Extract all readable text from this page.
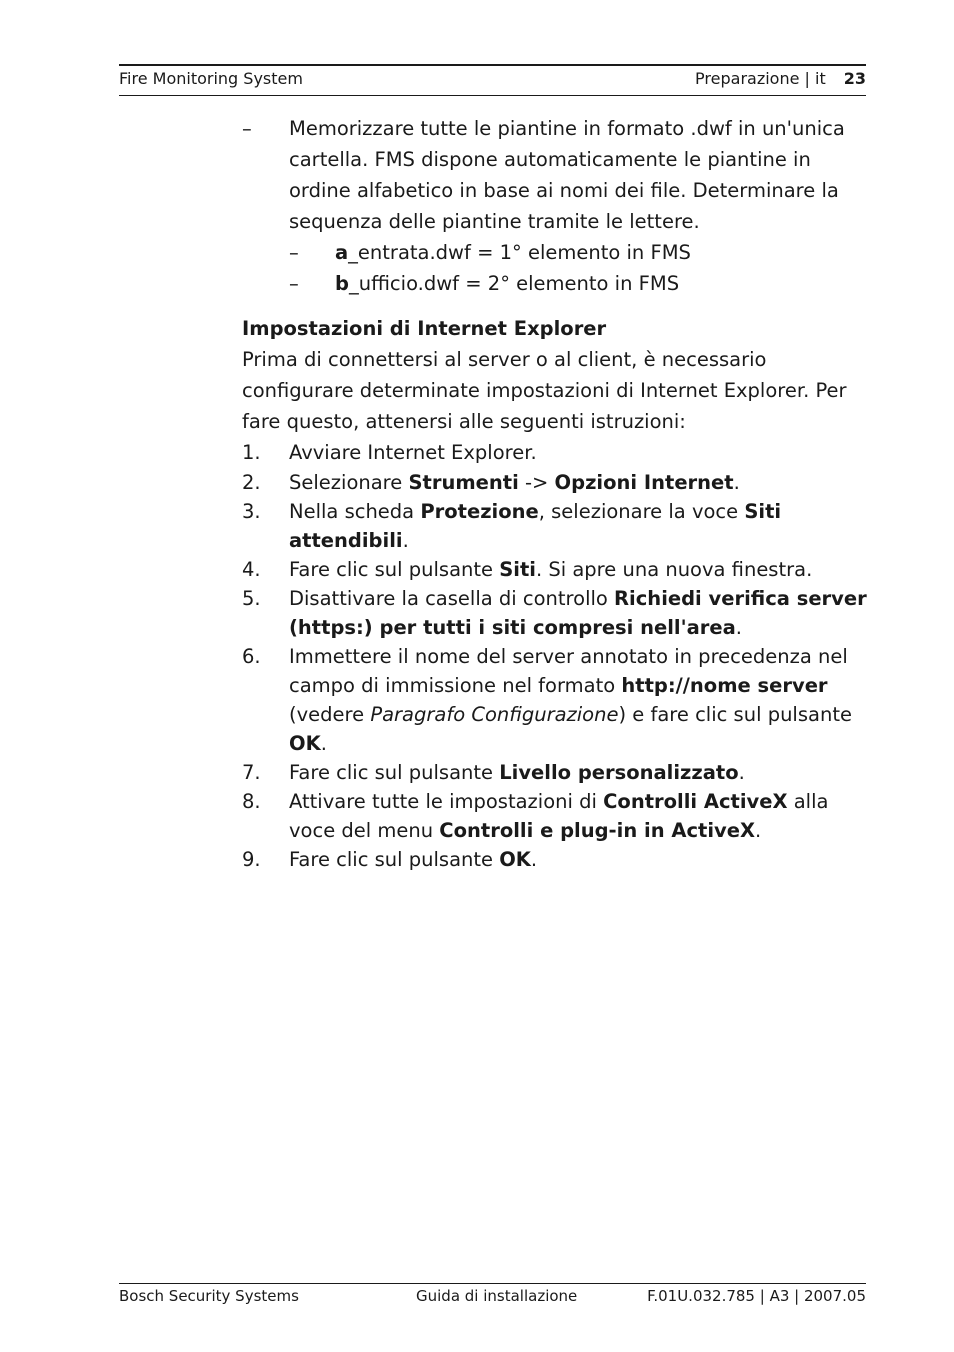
Fire Monitoring System	Preparazione | it 23
– Memorizzare tutte le piantine in formato .dwf in un'unica cartella. FMS dispone automaticamente le piantine in ordine alfabetico in base ai nomi dei file. Determinare la sequenza delle piantine tramite le lettere.
– a_entrata.dwf = 1° elemento in FMS
– b_ufficio.dwf = 2° elemento in FMS
Impostazioni di Internet Explorer
Prima di connettersi al server o al client, è necessario configurare determinate impostazioni di Internet Explorer. Per fare questo, attenersi alle seguenti istruzioni:
1. Avviare Internet Explorer.
2. Selezionare Strumenti -> Opzioni Internet.
3. Nella scheda Protezione, selezionare la voce Siti attendibili.
4. Fare clic sul pulsante Siti. Si apre una nuova finestra.
5. Disattivare la casella di controllo Richiedi verifica server (https:) per tutti i siti compresi nell'area.
6. Immettere il nome del server annotato in precedenza nel campo di immissione nel formato http://nome server (vedere Paragrafo Configurazione) e fare clic sul pulsante OK.
7. Fare clic sul pulsante Livello personalizzato.
8. Attivare tutte le impostazioni di Controlli ActiveX alla voce del menu Controlli e plug-in in ActiveX.
9. Fare clic sul pulsante OK.
Bosch Security Systems	Guida di installazione	F.01U.032.785 | A3 | 2007.05
